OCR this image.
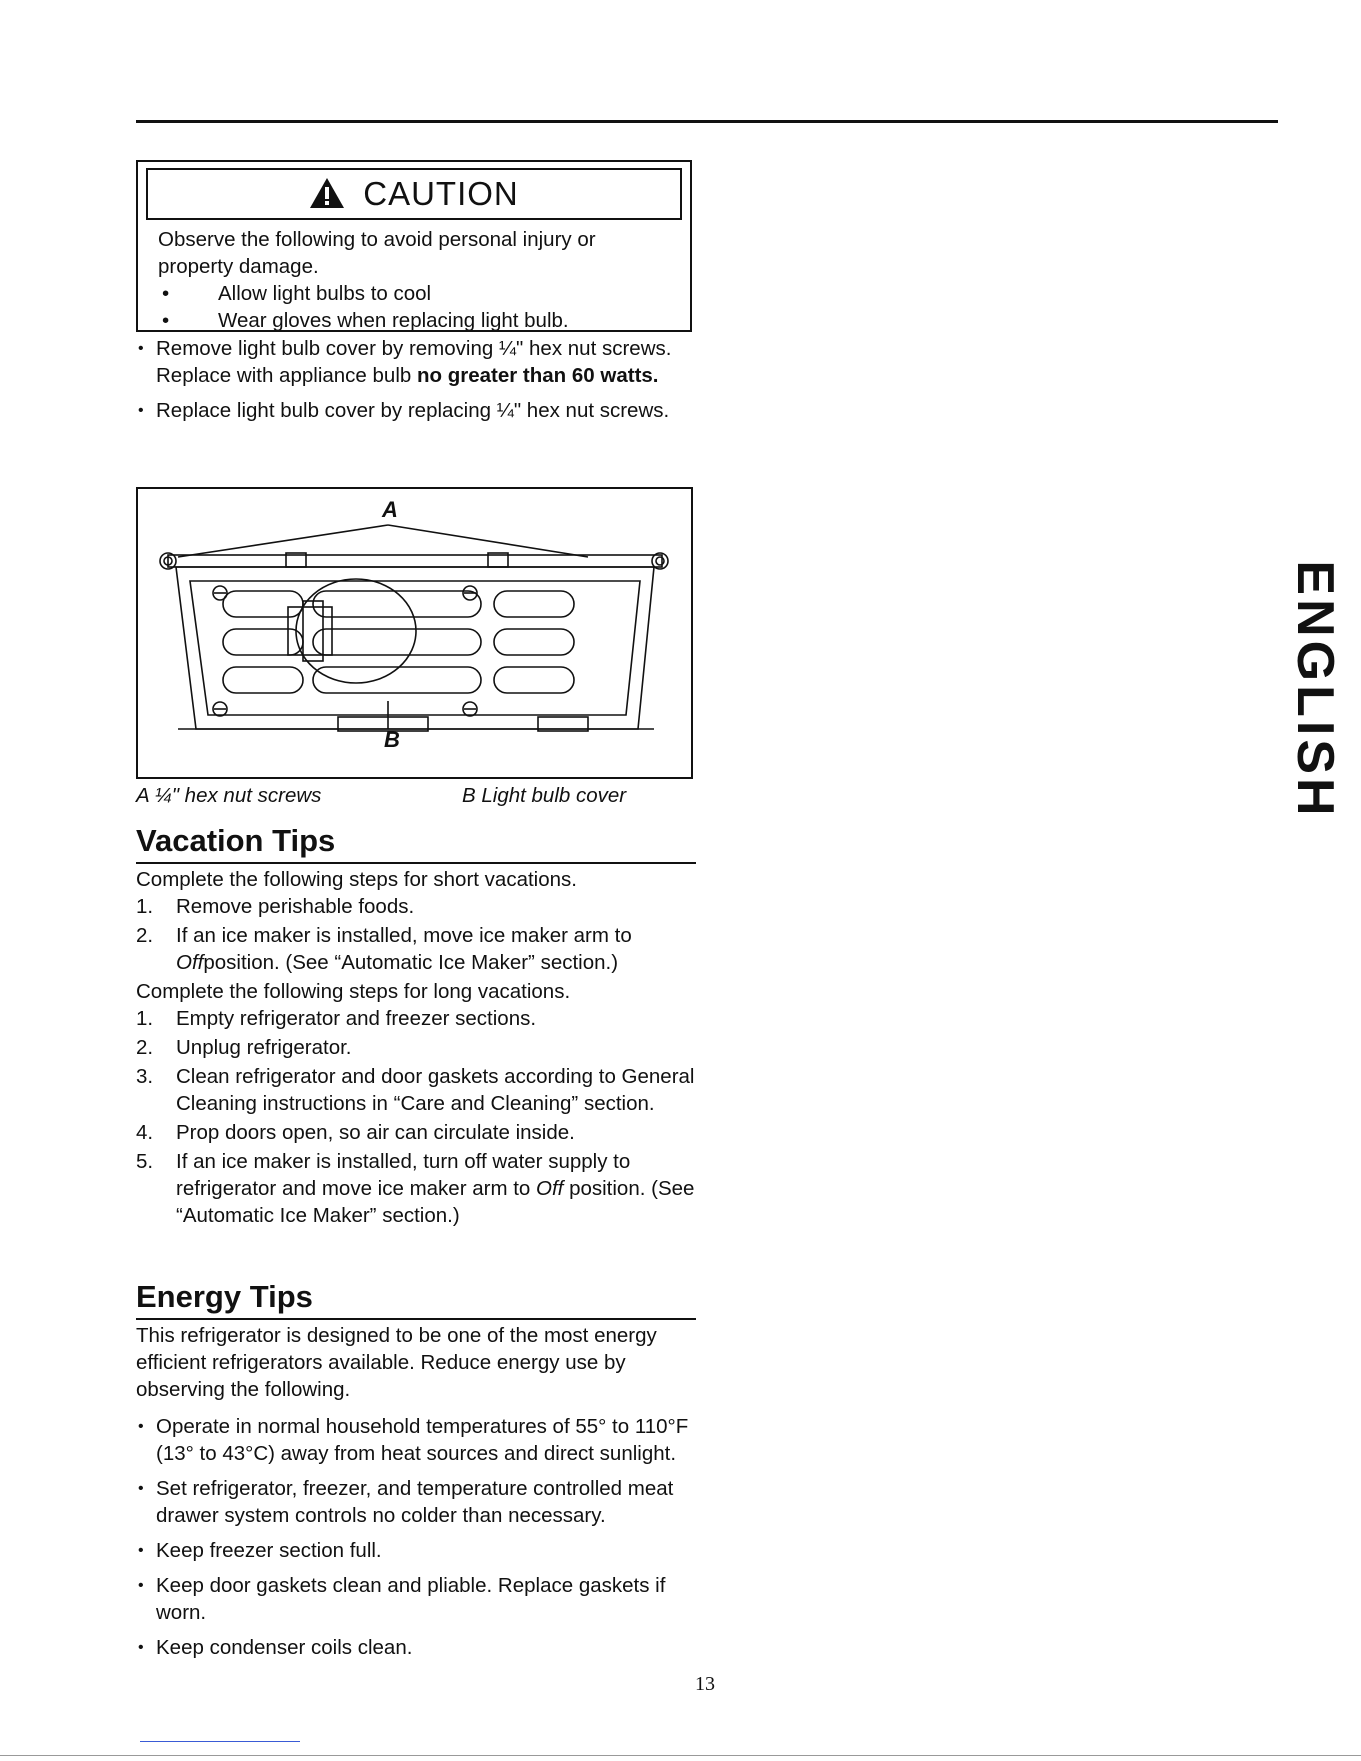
CAUTION
Observe the following to avoid personal injury or property damage.
•	Allow light bulbs to cool
•	Wear gloves when replacing light bulb.
• Remove light bulb cover by removing ¼" hex nut screws. Replace with appliance bulb no greater than 60 watts.
• Replace light bulb cover by replacing ¼" hex nut screws.
A
B
A ¼" hex nut screws	B Light bulb cover
Vacation Tips

Complete the following steps for short vacations.

1.	Remove perishable foods.
2.	If an ice maker is installed, move ice maker arm to Offposition. (See “Automatic Ice Maker” section.)

Complete the following steps for long vacations.

1.	Empty refrigerator and freezer sections.
2.	Unplug refrigerator.
3.	Clean refrigerator and door gaskets according to General Cleaning instructions in “Care and Cleaning” section.
4.	Prop doors open, so air can circulate inside.
5.	If an ice maker is installed, turn off water supply to refrigerator and move ice maker arm to Off position. (See “Automatic Ice Maker” section.)
Energy Tips

This refrigerator is designed to be one of the most energy efficient refrigerators available. Reduce energy use by observing the following.

• Operate in normal household temperatures of 55° to 110°F (13° to 43°C) away from heat sources and direct sunlight.
• Set refrigerator, freezer, and temperature controlled meat drawer system controls no colder than necessary.
• Keep freezer section full.
• Keep door gaskets clean and pliable. Replace gaskets if worn.
• Keep condenser coils clean.
13
ENGLISH
